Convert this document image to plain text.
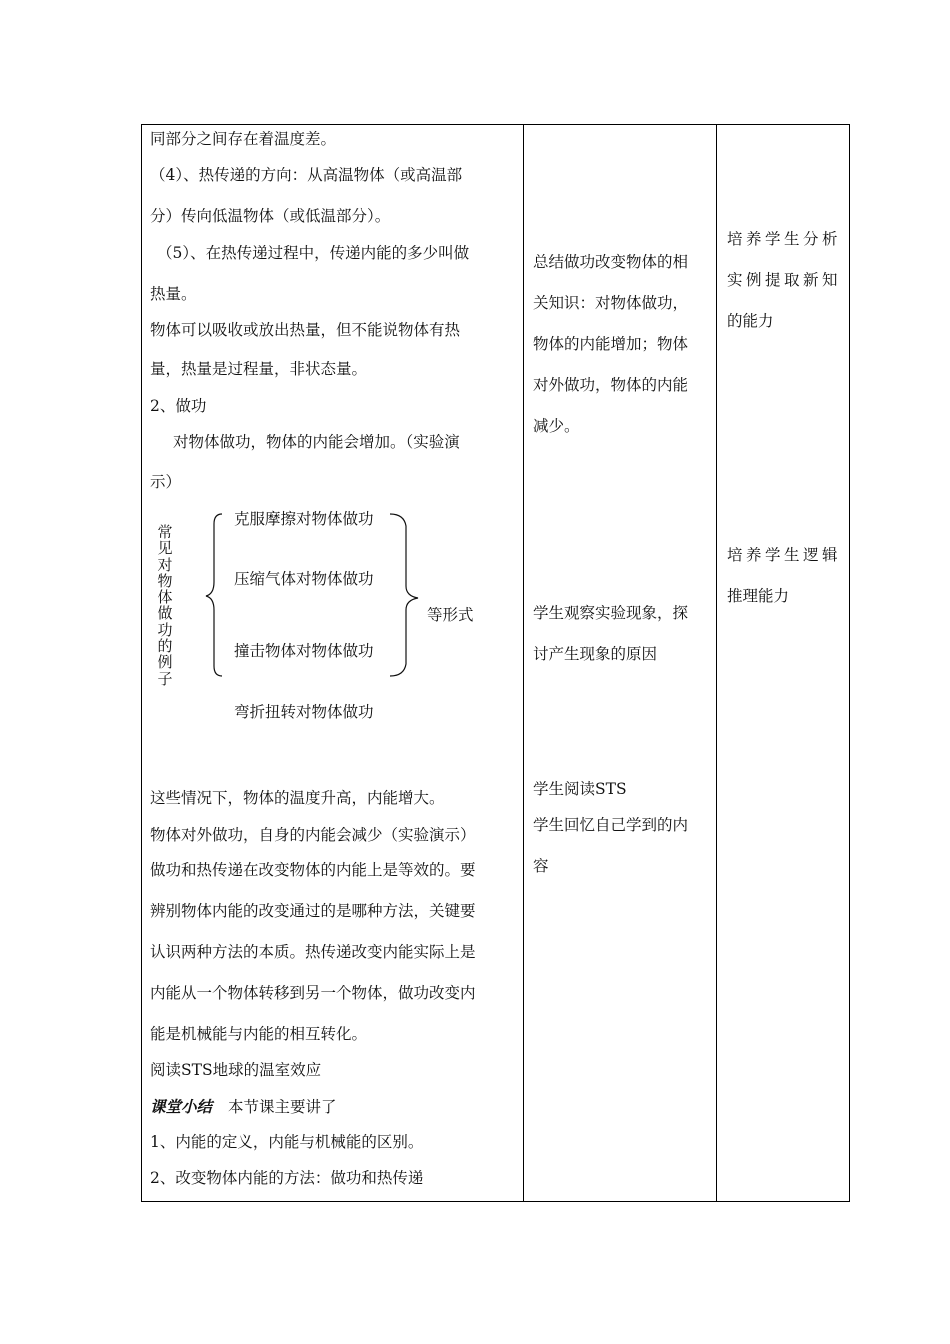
同部分之间存在着温度差。
（4）、热传递的方向：从高温物体（或高温部
分）传向低温物体（或低温部分）。
（5）、在热传递过程中，传递内能的多少叫做
热量。
物体可以吸收或放出热量，但不能说物体有热
量，热量是过程量，非状态量。
2、做功
对物体做功，物体的内能会增加。（实验演
示）
常见对物体做功的例子
克服摩擦对物体做功
压缩气体对物体做功
撞击物体对物体做功
弯折扭转对物体做功
等形式
这些情况下，物体的温度升高，内能增大。
物体对外做功，自身的内能会减少（实验演示）
做功和热传递在改变物体的内能上是等效的。要
辨别物体内能的改变通过的是哪种方法，关键要
认识两种方法的本质。热传递改变内能实际上是
内能从一个物体转移到另一个物体，做功改变内
能是机械能与内能的相互转化。
阅读STS地球的温室效应
课堂小结 本节课主要讲了
1、内能的定义，内能与机械能的区别。
2、改变物体内能的方法：做功和热传递
总结做功改变物体的相
关知识：对物体做功，
物体的内能增加；物体
对外做功，物体的内能
减少。
学生观察实验现象，探
讨产生现象的原因
学生阅读STS
学生回忆自己学到的内
容
培养学生分析
实例提取新知
的能力
培养学生逻辑
推理能力
